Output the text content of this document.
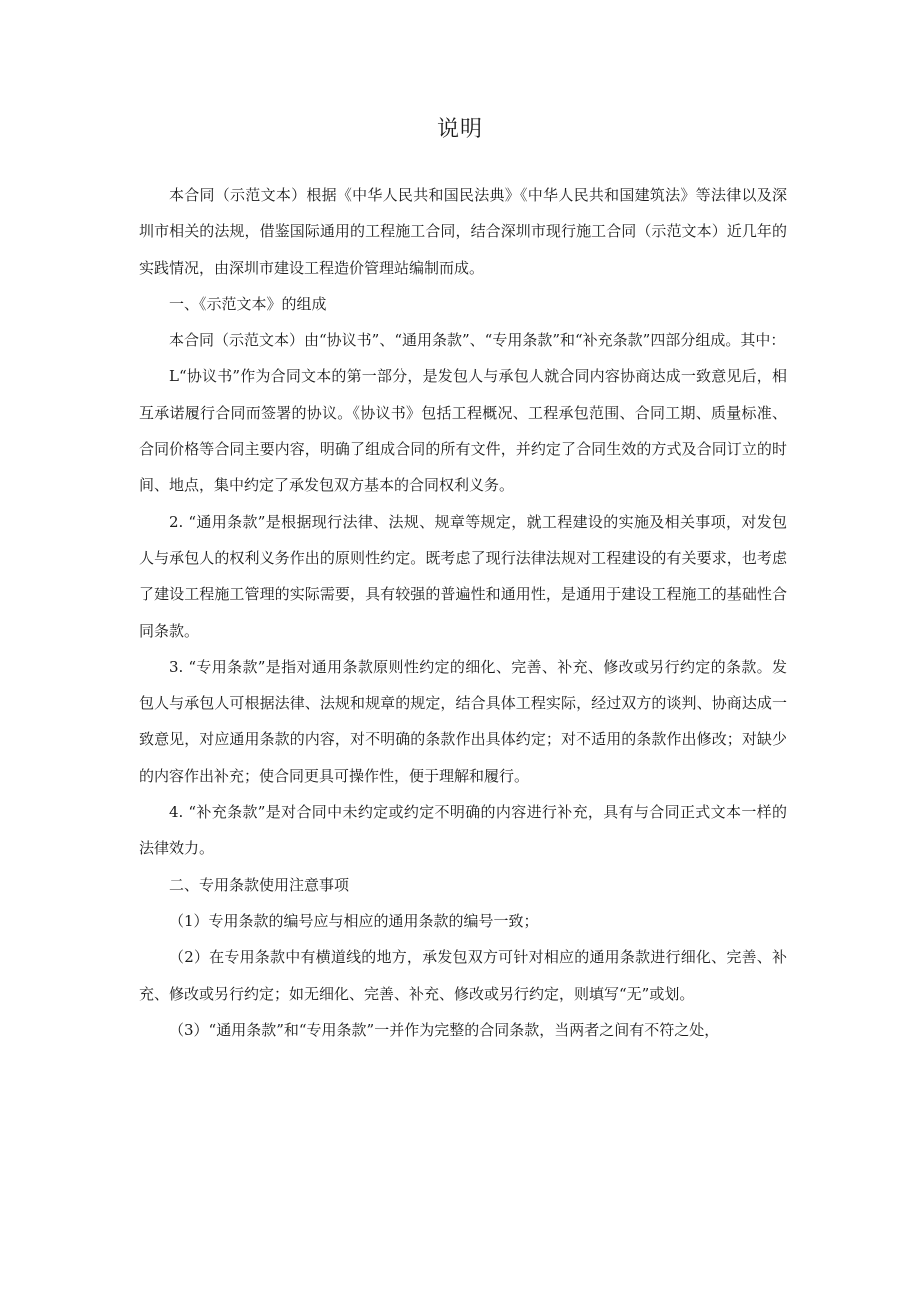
说明

本合同（示范文本）根据《中华人民共和国民法典》《中华人民共和国建筑法》等法律以及深圳市相关的法规，借鉴国际通用的工程施工合同，结合深圳市现行施工合同（示范文本）近几年的实践情况，由深圳市建设工程造价管理站编制而成。

一、《示范文本》的组成

本合同（示范文本）由“协议书”、“通用条款”、“专用条款”和“补充条款”四部分组成。其中：

L“协议书”作为合同文本的第一部分，是发包人与承包人就合同内容协商达成一致意见后，相互承诺履行合同而签署的协议。《协议书》包括工程概况、工程承包范围、合同工期、质量标准、合同价格等合同主要内容，明确了组成合同的所有文件，并约定了合同生效的方式及合同订立的时间、地点，集中约定了承发包双方基本的合同权利义务。

2. “通用条款”是根据现行法律、法规、规章等规定，就工程建设的实施及相关事项，对发包人与承包人的权利义务作出的原则性约定。既考虑了现行法律法规对工程建设的有关要求，也考虑了建设工程施工管理的实际需要，具有较强的普遍性和通用性，是通用于建设工程施工的基础性合同条款。

3. “专用条款”是指对通用条款原则性约定的细化、完善、补充、修改或另行约定的条款。发包人与承包人可根据法律、法规和规章的规定，结合具体工程实际，经过双方的谈判、协商达成一致意见，对应通用条款的内容，对不明确的条款作出具体约定；对不适用的条款作出修改；对缺少的内容作出补充；使合同更具可操作性，便于理解和履行。

4. “补充条款”是对合同中未约定或约定不明确的内容进行补充，具有与合同正式文本一样的法律效力。

二、专用条款使用注意事项

（1）专用条款的编号应与相应的通用条款的编号一致；

（2）在专用条款中有横道线的地方，承发包双方可针对相应的通用条款进行细化、完善、补充、修改或另行约定；如无细化、完善、补充、修改或另行约定，则填写“无”或划。

（3）“通用条款”和“专用条款”一并作为完整的合同条款，当两者之间有不符之处，
